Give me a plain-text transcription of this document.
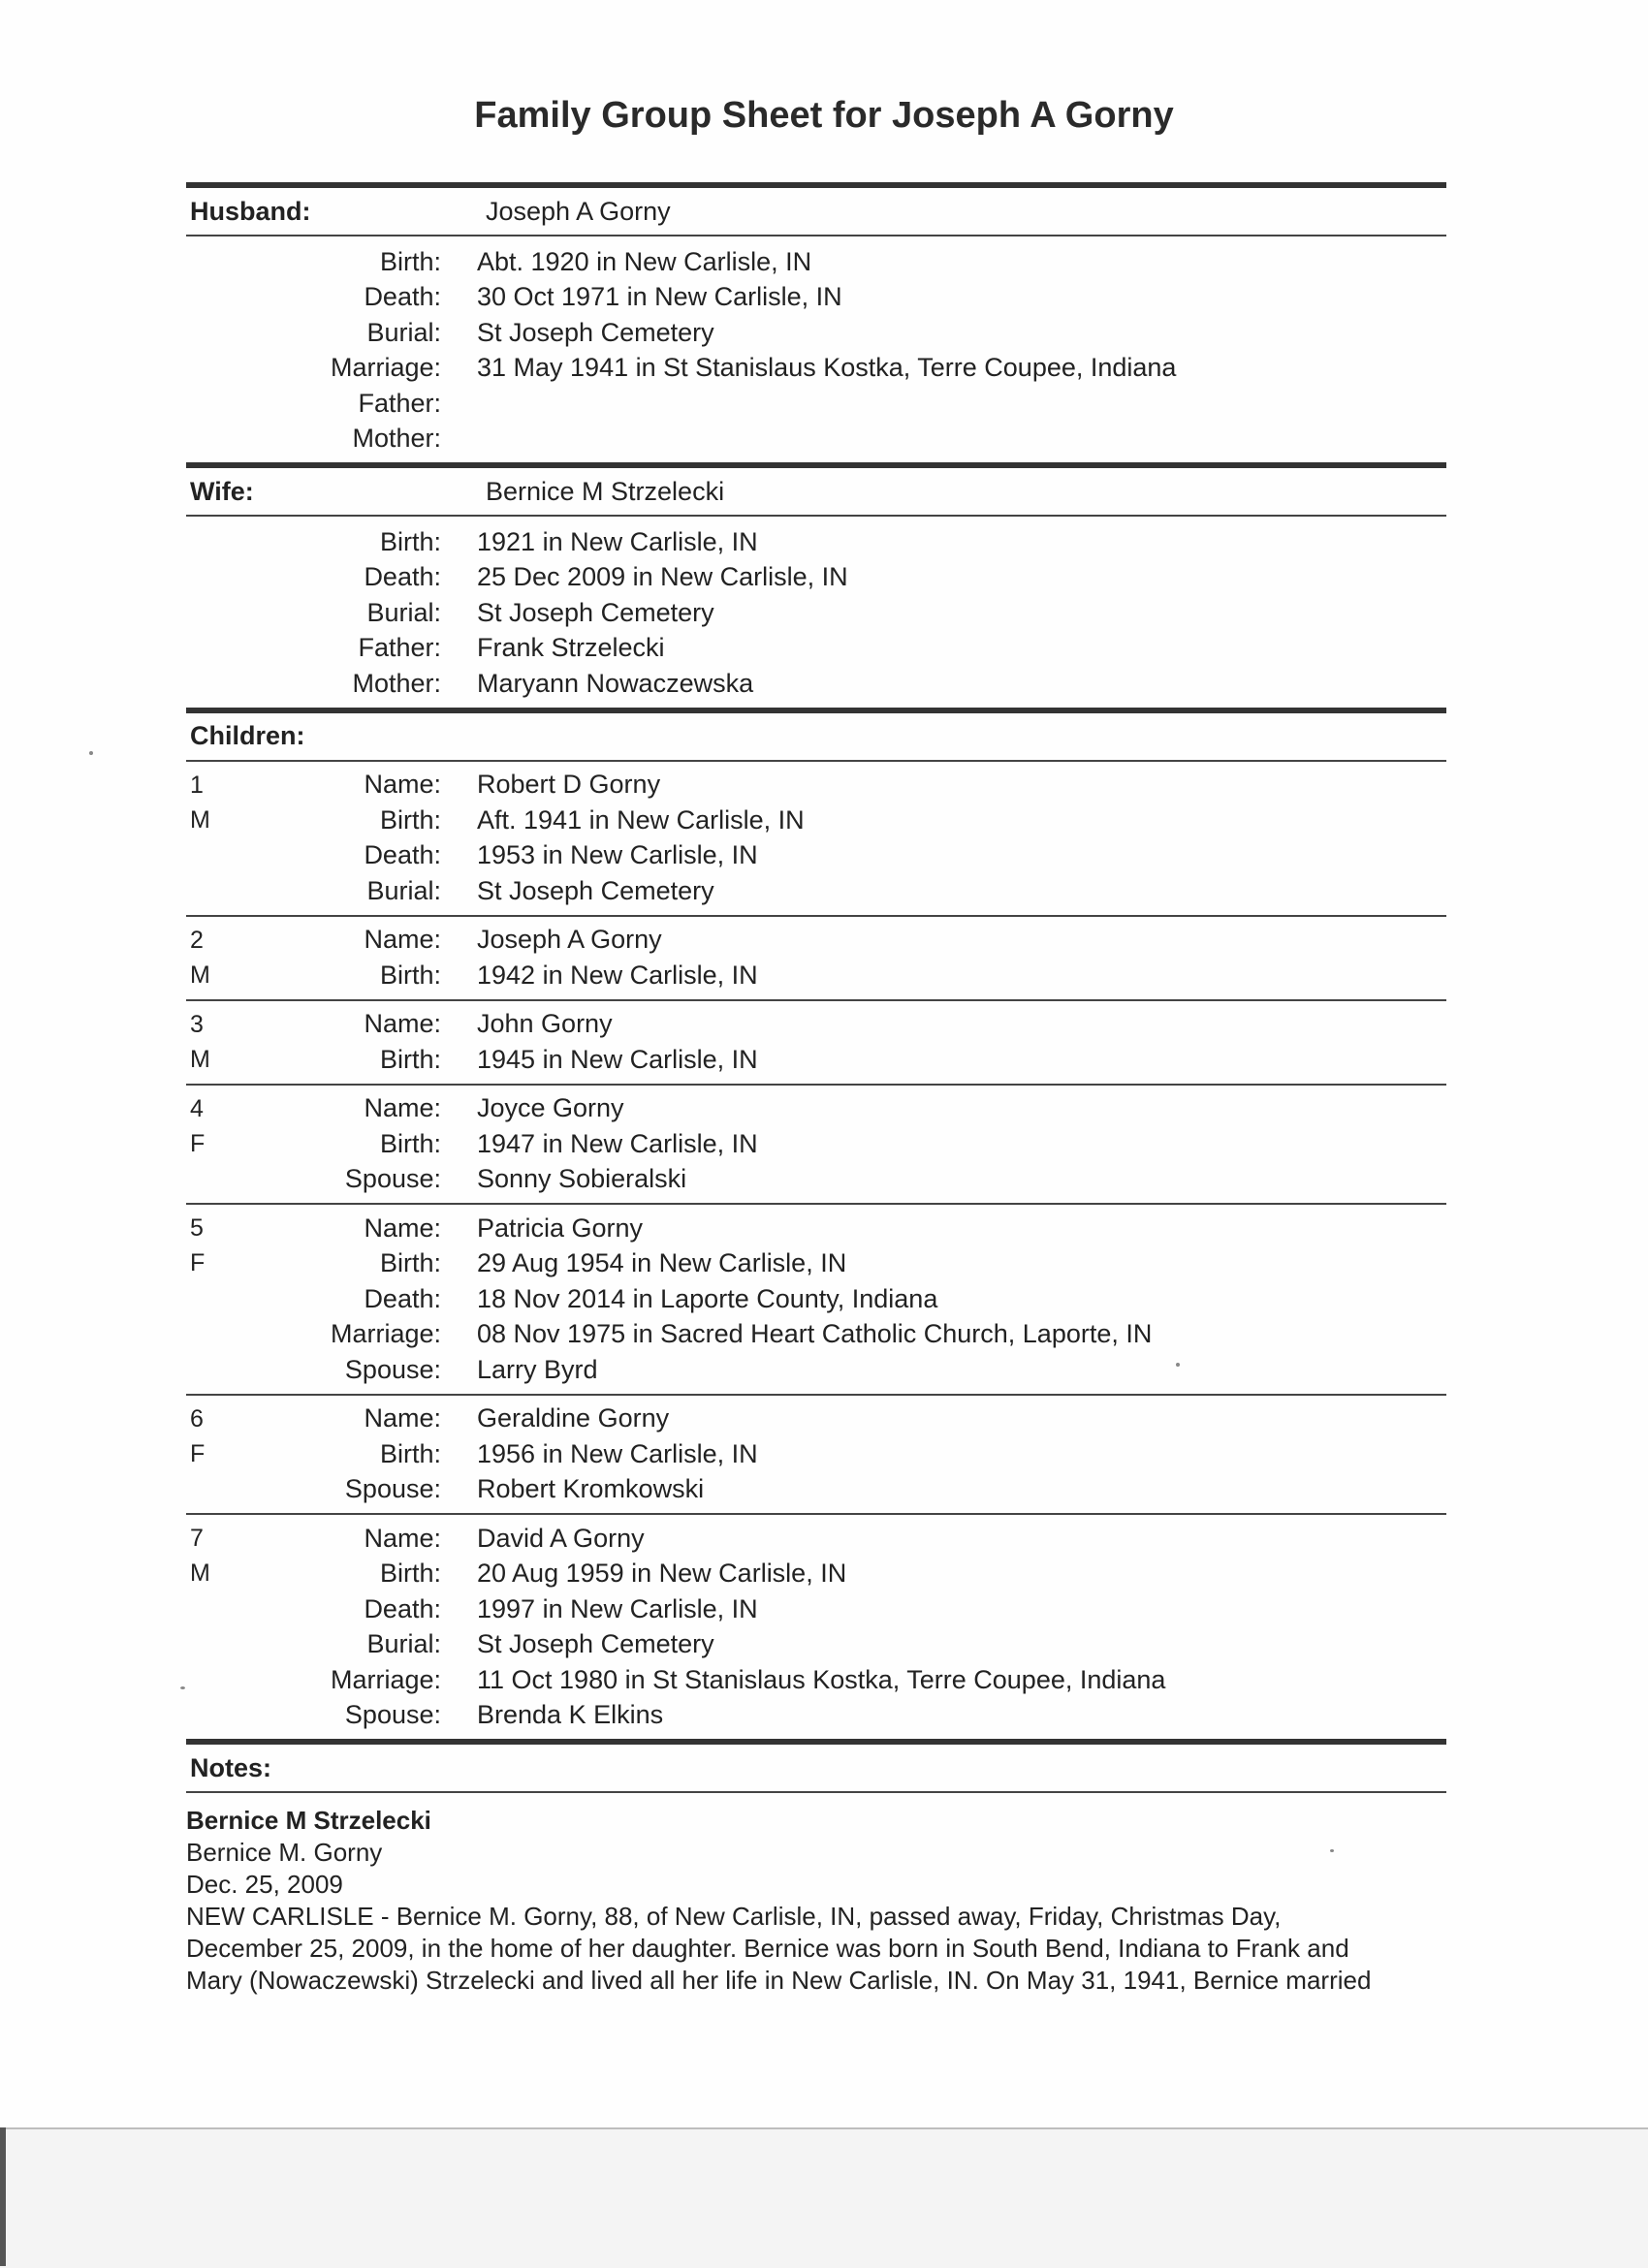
Family Group Sheet for Joseph A Gorny
Husband:	Joseph A Gorny
Birth:	Abt. 1920 in New Carlisle, IN
Death:	30 Oct 1971 in New Carlisle, IN
Burial:	St Joseph Cemetery
Marriage:	31 May 1941 in St Stanislaus Kostka, Terre Coupee, Indiana
Father:
Mother:
Wife:	Bernice M Strzelecki
Birth:	1921 in New Carlisle, IN
Death:	25 Dec 2009 in New Carlisle, IN
Burial:	St Joseph Cemetery
Father:	Frank Strzelecki
Mother:	Maryann Nowaczewska
Children:
1
M
Name:	Robert D Gorny
Birth:	Aft. 1941 in New Carlisle, IN
Death:	1953 in New Carlisle, IN
Burial:	St Joseph Cemetery
2
M
Name:	Joseph A Gorny
Birth:	1942 in New Carlisle, IN
3
M
Name:	John Gorny
Birth:	1945 in New Carlisle, IN
4
F
Name:	Joyce Gorny
Birth:	1947 in New Carlisle, IN
Spouse:	Sonny Sobieralski
5
F
Name:	Patricia Gorny
Birth:	29 Aug 1954 in New Carlisle, IN
Death:	18 Nov 2014 in Laporte County, Indiana
Marriage:	08 Nov 1975 in Sacred Heart Catholic Church, Laporte, IN
Spouse:	Larry Byrd
6
F
Name:	Geraldine Gorny
Birth:	1956 in New Carlisle, IN
Spouse:	Robert Kromkowski
7
M
Name:	David A Gorny
Birth:	20 Aug 1959 in New Carlisle, IN
Death:	1997 in New Carlisle, IN
Burial:	St Joseph Cemetery
Marriage:	11 Oct 1980 in St Stanislaus Kostka, Terre Coupee, Indiana
Spouse:	Brenda K Elkins
Notes:
Bernice M Strzelecki
Bernice M. Gorny
Dec. 25, 2009
NEW CARLISLE - Bernice M. Gorny, 88, of New Carlisle, IN, passed away, Friday, Christmas Day,
December 25, 2009, in the home of her daughter. Bernice was born in South Bend, Indiana to Frank and
Mary (Nowaczewski) Strzelecki and lived all her life in New Carlisle, IN. On May 31, 1941, Bernice married
